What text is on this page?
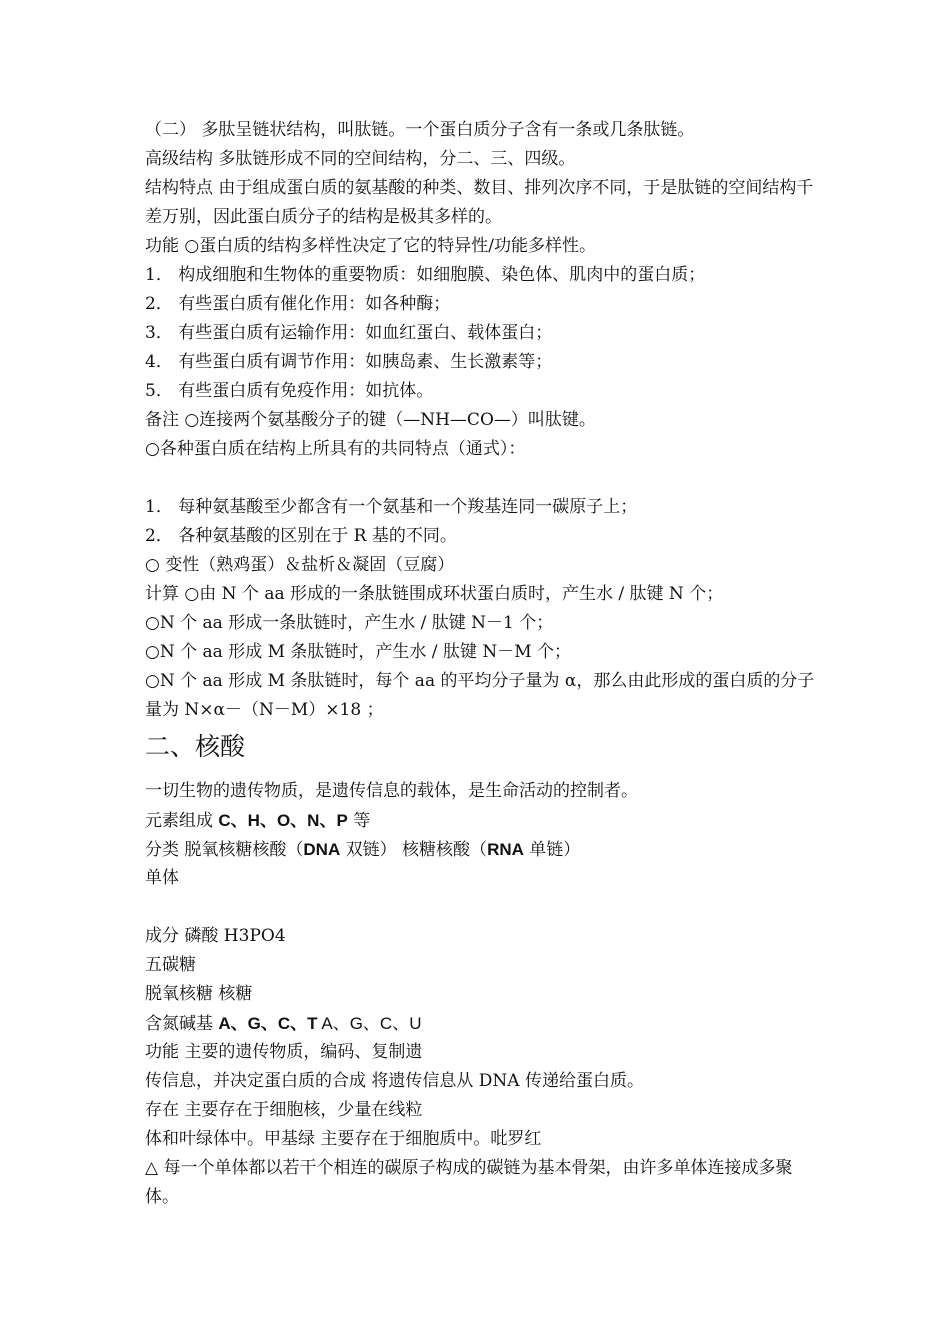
（二） 多肽呈链状结构，叫肽链。一个蛋白质分子含有一条或几条肽链。
高级结构 多肽链形成不同的空间结构，分二、三、四级。
结构特点 由于组成蛋白质的氨基酸的种类、数目、排列次序不同，于是肽链的空间结构千差万别，因此蛋白质分子的结构是极其多样的。
功能 ○蛋白质的结构多样性决定了它的特异性/功能多样性。
1． 构成细胞和生物体的重要物质：如细胞膜、染色体、肌肉中的蛋白质；
2． 有些蛋白质有催化作用：如各种酶；
3． 有些蛋白质有运输作用：如血红蛋白、载体蛋白；
4． 有些蛋白质有调节作用：如胰岛素、生长激素等；
5． 有些蛋白质有免疫作用：如抗体。
备注 ○连接两个氨基酸分子的键（—NH—CO—）叫肽键。
○各种蛋白质在结构上所具有的共同特点（通式）：
1． 每种氨基酸至少都含有一个氨基和一个羧基连同一碳原子上；
2． 各种氨基酸的区别在于 R 基的不同。
○ 变性（熟鸡蛋）＆盐析＆凝固（豆腐）
计算 ○由 N 个 aa 形成的一条肽链围成环状蛋白质时，产生水 / 肽键 N 个；
○N 个 aa 形成一条肽链时，产生水 / 肽键 N－1 个；
○N 个 aa 形成 M 条肽链时，产生水 / 肽键 N－M 个；
○N 个 aa 形成 M 条肽链时，每个 aa 的平均分子量为 α，那么由此形成的蛋白质的分子量为 N×α－（N－M）×18 ；
二、核酸
一切生物的遗传物质，是遗传信息的载体，是生命活动的控制者。
元素组成 C、H、O、N、P 等
分类 脱氧核糖核酸（DNA 双链） 核糖核酸（RNA 单链）
单体
成分 磷酸 H3PO4
五碳糖
脱氧核糖 核糖
含氮碱基 A、G、C、T A、G、C、U
功能 主要的遗传物质，编码、复制遗
传信息，并决定蛋白质的合成 将遗传信息从 DNA 传递给蛋白质。
存在 主要存在于细胞核，少量在线粒
体和叶绿体中。甲基绿 主要存在于细胞质中。吡罗红
△ 每一个单体都以若干个相连的碳原子构成的碳链为基本骨架，由许多单体连接成多聚体。
